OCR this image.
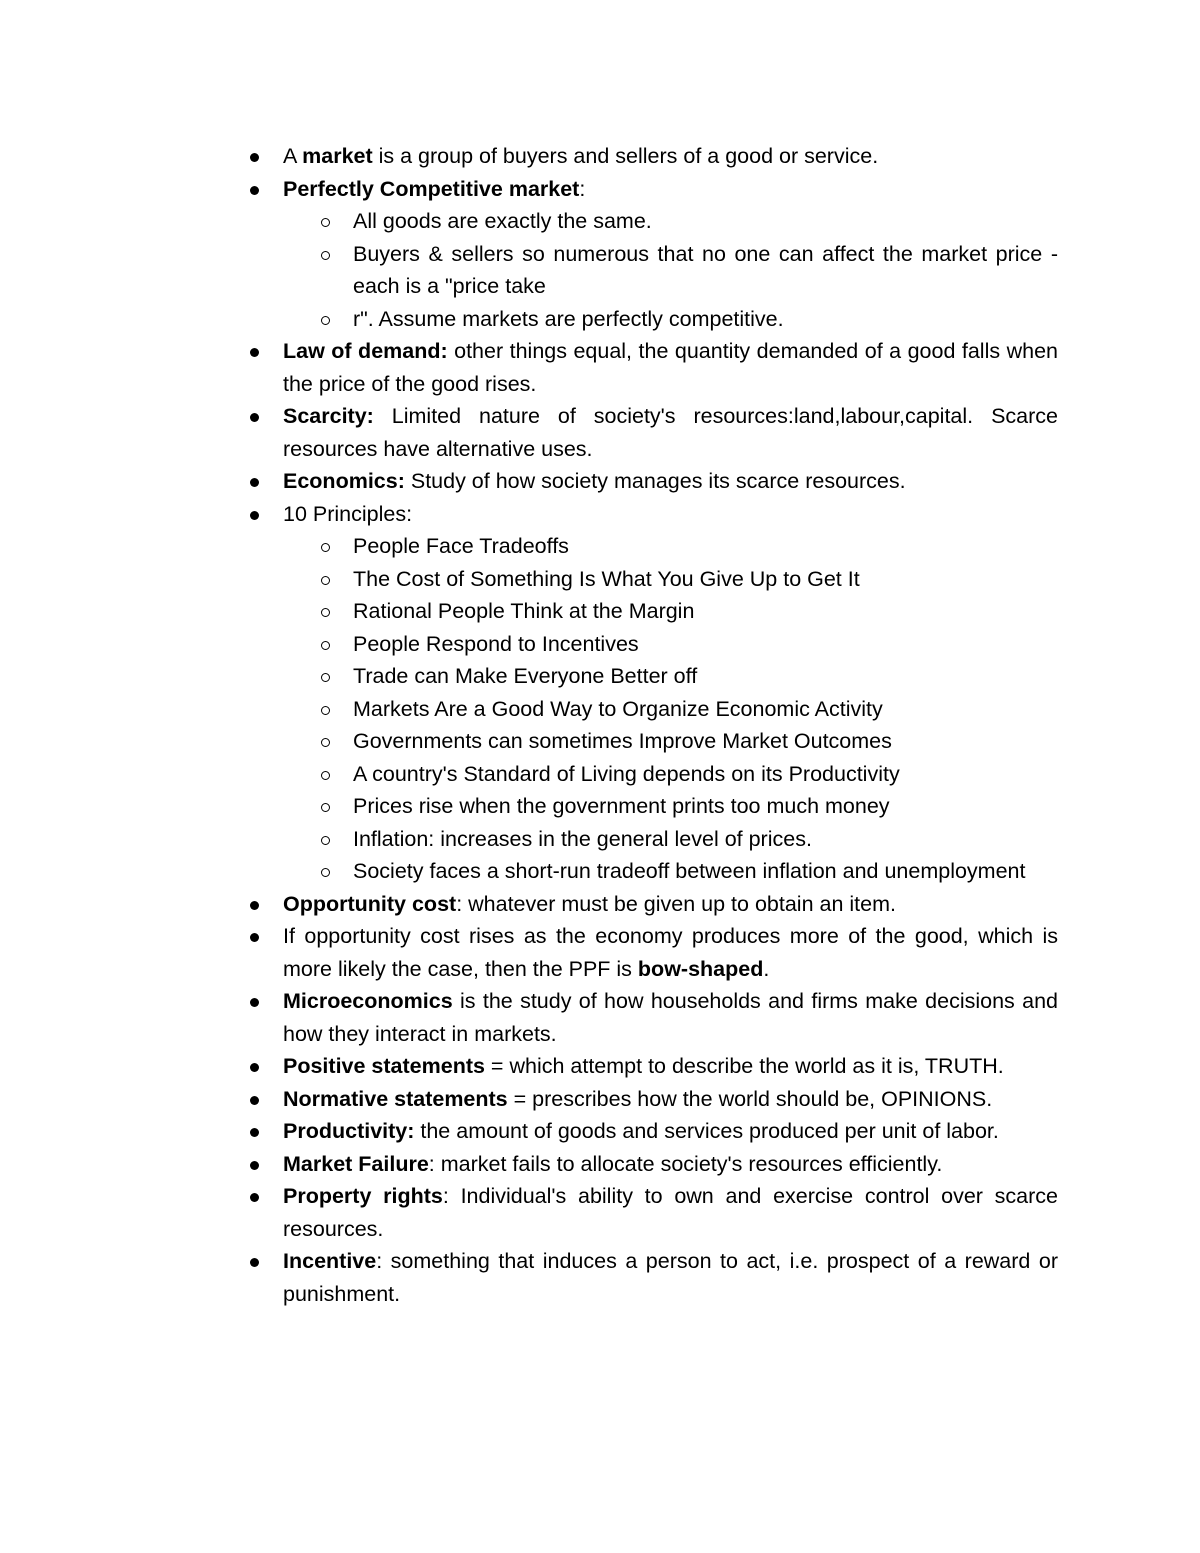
A market is a group of buyers and sellers of a good or service.

Perfectly Competitive market:

All goods are exactly the same.

Buyers & sellers so numerous that no one can affect the market price - each is a "price take

r". Assume markets are perfectly competitive.

Law of demand: other things equal, the quantity demanded of a good falls when the price of the good rises.

Scarcity: Limited nature of society's resources:land,labour,capital. Scarce resources have alternative uses.

Economics: Study of how society manages its scarce resources.

10 Principles:

People Face Tradeoffs

The Cost of Something Is What You Give Up to Get It

Rational People Think at the Margin

People Respond to Incentives

Trade can Make Everyone Better off

Markets Are a Good Way to Organize Economic Activity

Governments can sometimes Improve Market Outcomes

A country's Standard of Living depends on its Productivity

Prices rise when the government prints too much money

Inflation: increases in the general level of prices.

Society faces a short-run tradeoff between inflation and unemployment

Opportunity cost: whatever must be given up to obtain an item.

If opportunity cost rises as the economy produces more of the good, which is more likely the case, then the PPF is bow-shaped.

Microeconomics is the study of how households and firms make decisions and how they interact in markets.

Positive statements = which attempt to describe the world as it is, TRUTH.

Normative statements = prescribes how the world should be, OPINIONS.

Productivity: the amount of goods and services produced per unit of labor.

Market Failure: market fails to allocate society's resources efficiently.

Property rights: Individual's ability to own and exercise control over scarce resources.

Incentive: something that induces a person to act, i.e. prospect of a reward or punishment.
